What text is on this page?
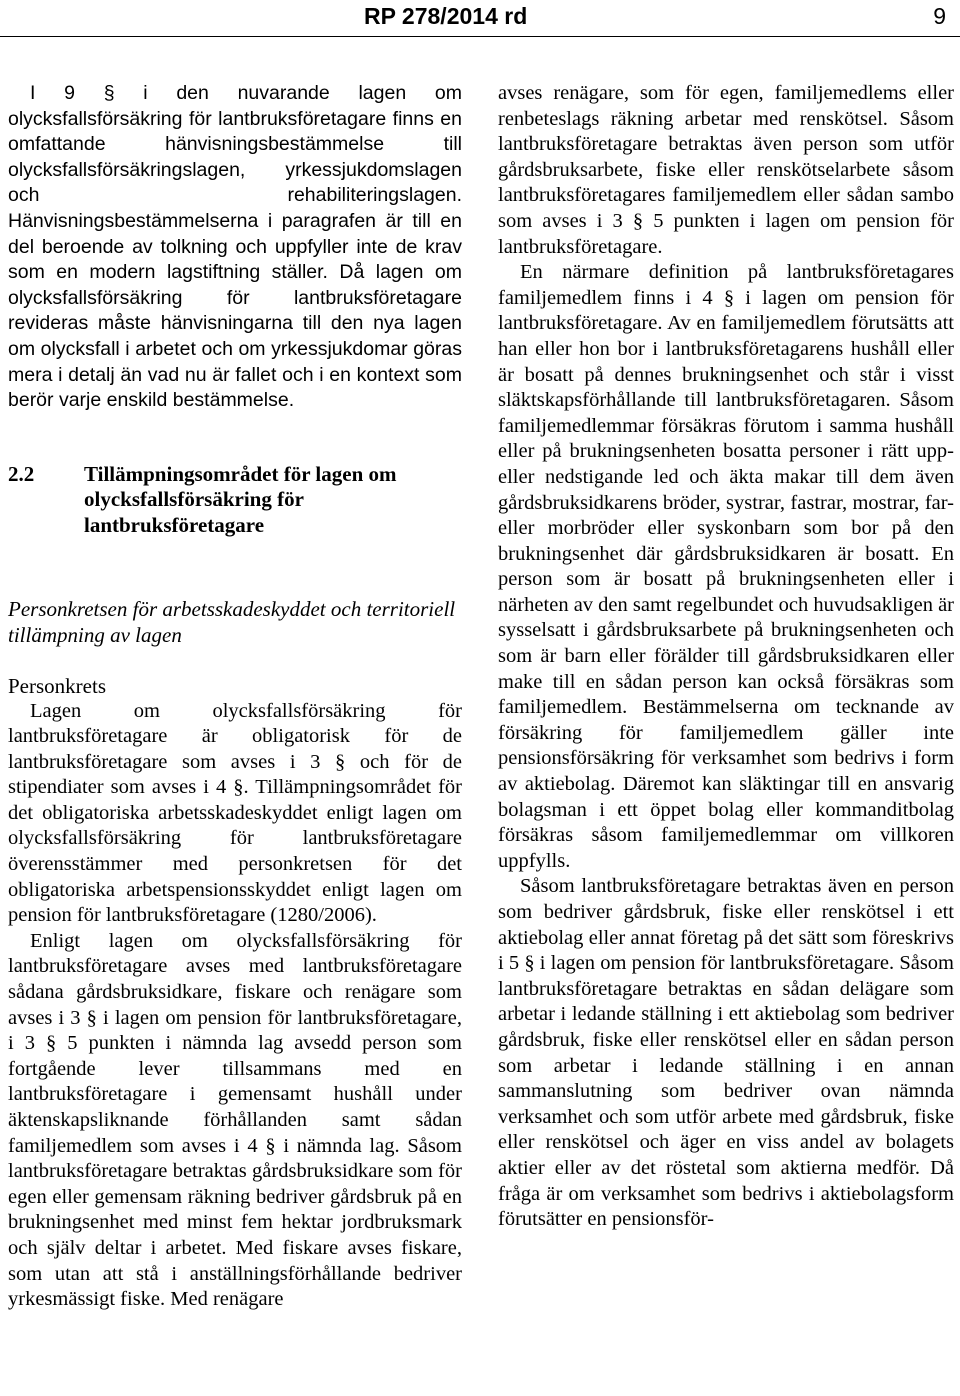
RP 278/2014 rd	9

I 9 § i den nuvarande lagen om olycksfallsförsäkring för lantbruksföretagare finns en omfattande hänvisningsbestämmelse till olycksfallsförsäkringslagen, yrkessjukdomslagen och rehabiliteringslagen. Hänvisningsbestämmelserna i paragrafen är till en del beroende av tolkning och uppfyller inte de krav som en modern lagstiftning ställer. Då lagen om olycksfallsförsäkring för lantbruksföretagare revideras måste hänvisningarna till den nya lagen om olycksfall i arbetet och om yrkessjukdomar göras mera i detalj än vad nu är fallet och i en kontext som berör varje enskild bestämmelse.

2.2	Tillämpningsområdet för lagen om olycksfallsförsäkring för lantbruksföretagare
Personkretsen för arbetsskadeskyddet och territoriell tillämpning av lagen
Personkrets

Lagen om olycksfallsförsäkring för lantbruksföretagare är obligatorisk för de lantbruksföretagare som avses i 3 § och för de stipendiater som avses i 4 §. Tillämpningsområdet för det obligatoriska arbetsskadeskyddet enligt lagen om olycksfallsförsäkring för lantbruksföretagare överensstämmer med personkretsen för det obligatoriska arbetspensionsskyddet enligt lagen om pension för lantbruksföretagare (1280/2006).

Enligt lagen om olycksfallsförsäkring för lantbruksföretagare avses med lantbruksföretagare sådana gårdsbruksidkare, fiskare och renägare som avses i 3 § i lagen om pension för lantbruksföretagare, i 3 § 5 punkten i nämnda lag avsedd person som fortgående lever tillsammans med en lantbruksföretagare i gemensamt hushåll under äktenskapsliknande förhållanden samt sådan familjemedlem som avses i 4 § i nämnda lag. Såsom lantbruksföretagare betraktas gårdsbruksidkare som för egen eller gemensam räkning bedriver gårdsbruk på en brukningsenhet med minst fem hektar jordbruksmark och själv deltar i arbetet. Med fiskare avses fiskare, som utan att stå i anställningsförhållande bedriver yrkesmässigt fiske. Med renägare

avses renägare, som för egen, familjemedlems eller renbeteslags räkning arbetar med renskötsel. Såsom lantbruksföretagare betraktas även person som utför gårdsbruksarbete, fiske eller renskötselarbete såsom lantbruksföretagares familjemedlem eller sådan sambo som avses i 3 § 5 punkten i lagen om pension för lantbruksföretagare.

En närmare definition på lantbruksföretagares familjemedlem finns i 4 § i lagen om pension för lantbruksföretagare. Av en familjemedlem förutsätts att han eller hon bor i lantbruksföretagarens hushåll eller är bosatt på dennes brukningsenhet och står i visst släktskapsförhållande till lantbruksföretagaren. Såsom familjemedlemmar försäkras förutom i samma hushåll eller på brukningsenheten bosatta personer i rätt upp- eller nedstigande led och äkta makar till dem även gårdsbruksidkarens bröder, systrar, fastrar, mostrar, far- eller morbröder eller syskonbarn som bor på den brukningsenhet där gårdsbruksidkaren är bosatt. En person som är bosatt på brukningsenheten eller i närheten av den samt regelbundet och huvudsakligen är sysselsatt i gårdsbruksarbete på brukningsenheten och som är barn eller förälder till gårdsbruksidkaren eller make till en sådan person kan också försäkras som familjemedlem. Bestämmelserna om tecknande av försäkring för familjemedlem gäller inte pensionsförsäkring för verksamhet som bedrivs i form av aktiebolag. Däremot kan släktingar till en ansvarig bolagsman i ett öppet bolag eller kommanditbolag försäkras såsom familjemedlemmar om villkoren uppfylls.

Såsom lantbruksföretagare betraktas även en person som bedriver gårdsbruk, fiske eller renskötsel i ett aktiebolag eller annat företag på det sätt som föreskrivs i 5 § i lagen om pension för lantbruksföretagare. Såsom lantbruksföretagare betraktas en sådan delägare som arbetar i ledande ställning i ett aktiebolag som bedriver gårdsbruk, fiske eller renskötsel eller en sådan person som arbetar i ledande ställning i en annan sammanslutning som bedriver ovan nämnda verksamhet och som utför arbete med gårdsbruk, fiske eller renskötsel och äger en viss andel av bolagets aktier eller av det röstetal som aktierna medför. Då fråga är om verksamhet som bedrivs i aktiebolagsform förutsätter en pensionsför-
